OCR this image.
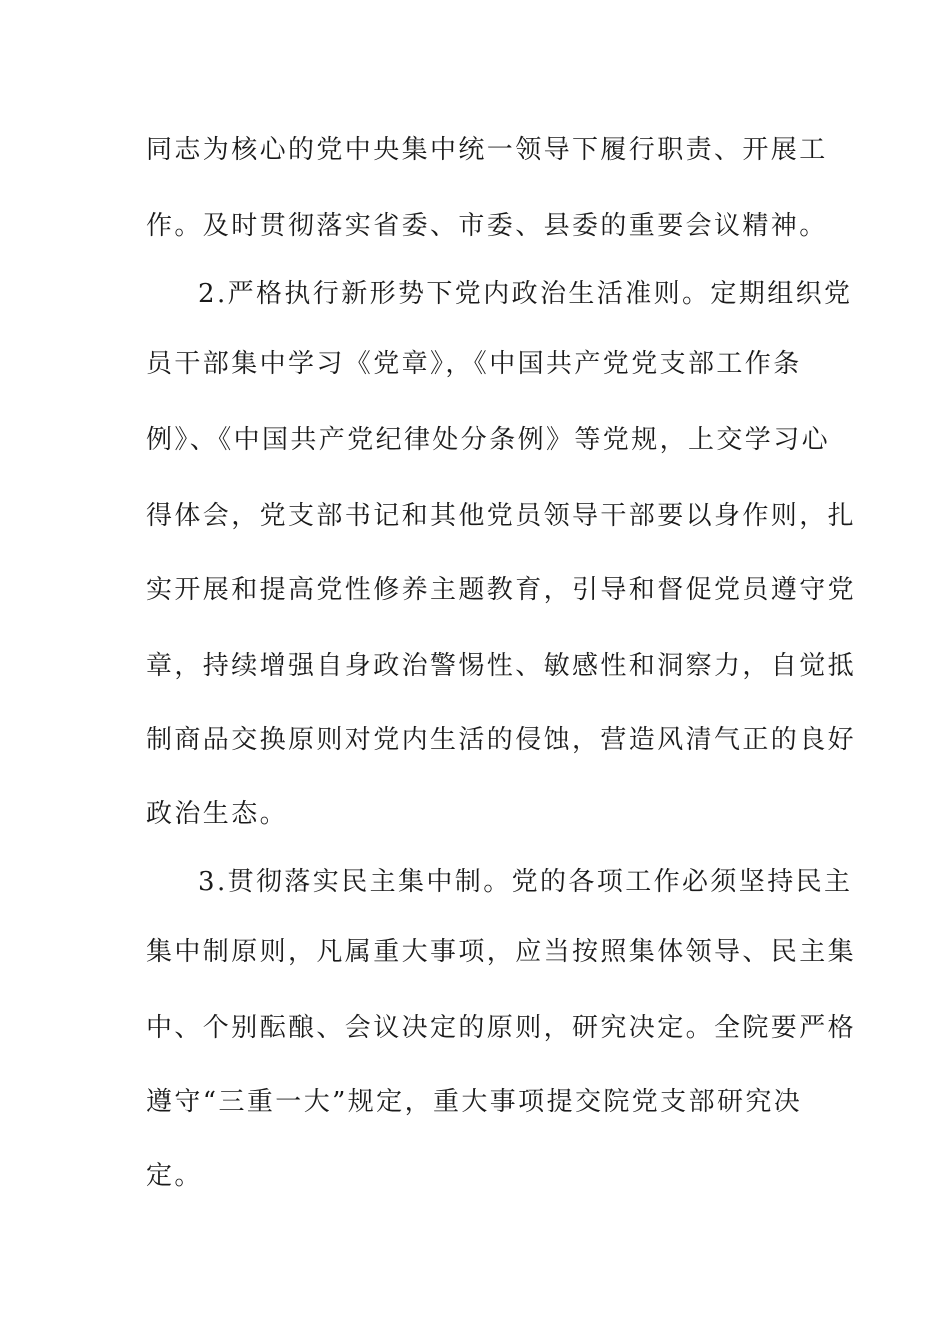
同志为核心的党中央集中统一领导下履行职责、开展工
作。及时贯彻落实省委、市委、县委的重要会议精神。
2.严格执行新形势下党内政治生活准则。定期组织党
员干部集中学习《党章》，《中国共产党党支部工作条
例》、《中国共产党纪律处分条例》等党规，上交学习心
得体会，党支部书记和其他党员领导干部要以身作则，扎
实开展和提高党性修养主题教育，引导和督促党员遵守党
章，持续增强自身政治警惕性、敏感性和洞察力，自觉抵
制商品交换原则对党内生活的侵蚀，营造风清气正的良好
政治生态。
3.贯彻落实民主集中制。党的各项工作必须坚持民主
集中制原则，凡属重大事项，应当按照集体领导、民主集
中、个别酝酿、会议决定的原则，研究决定。全院要严格
遵守“三重一大”规定，重大事项提交院党支部研究决
定。
